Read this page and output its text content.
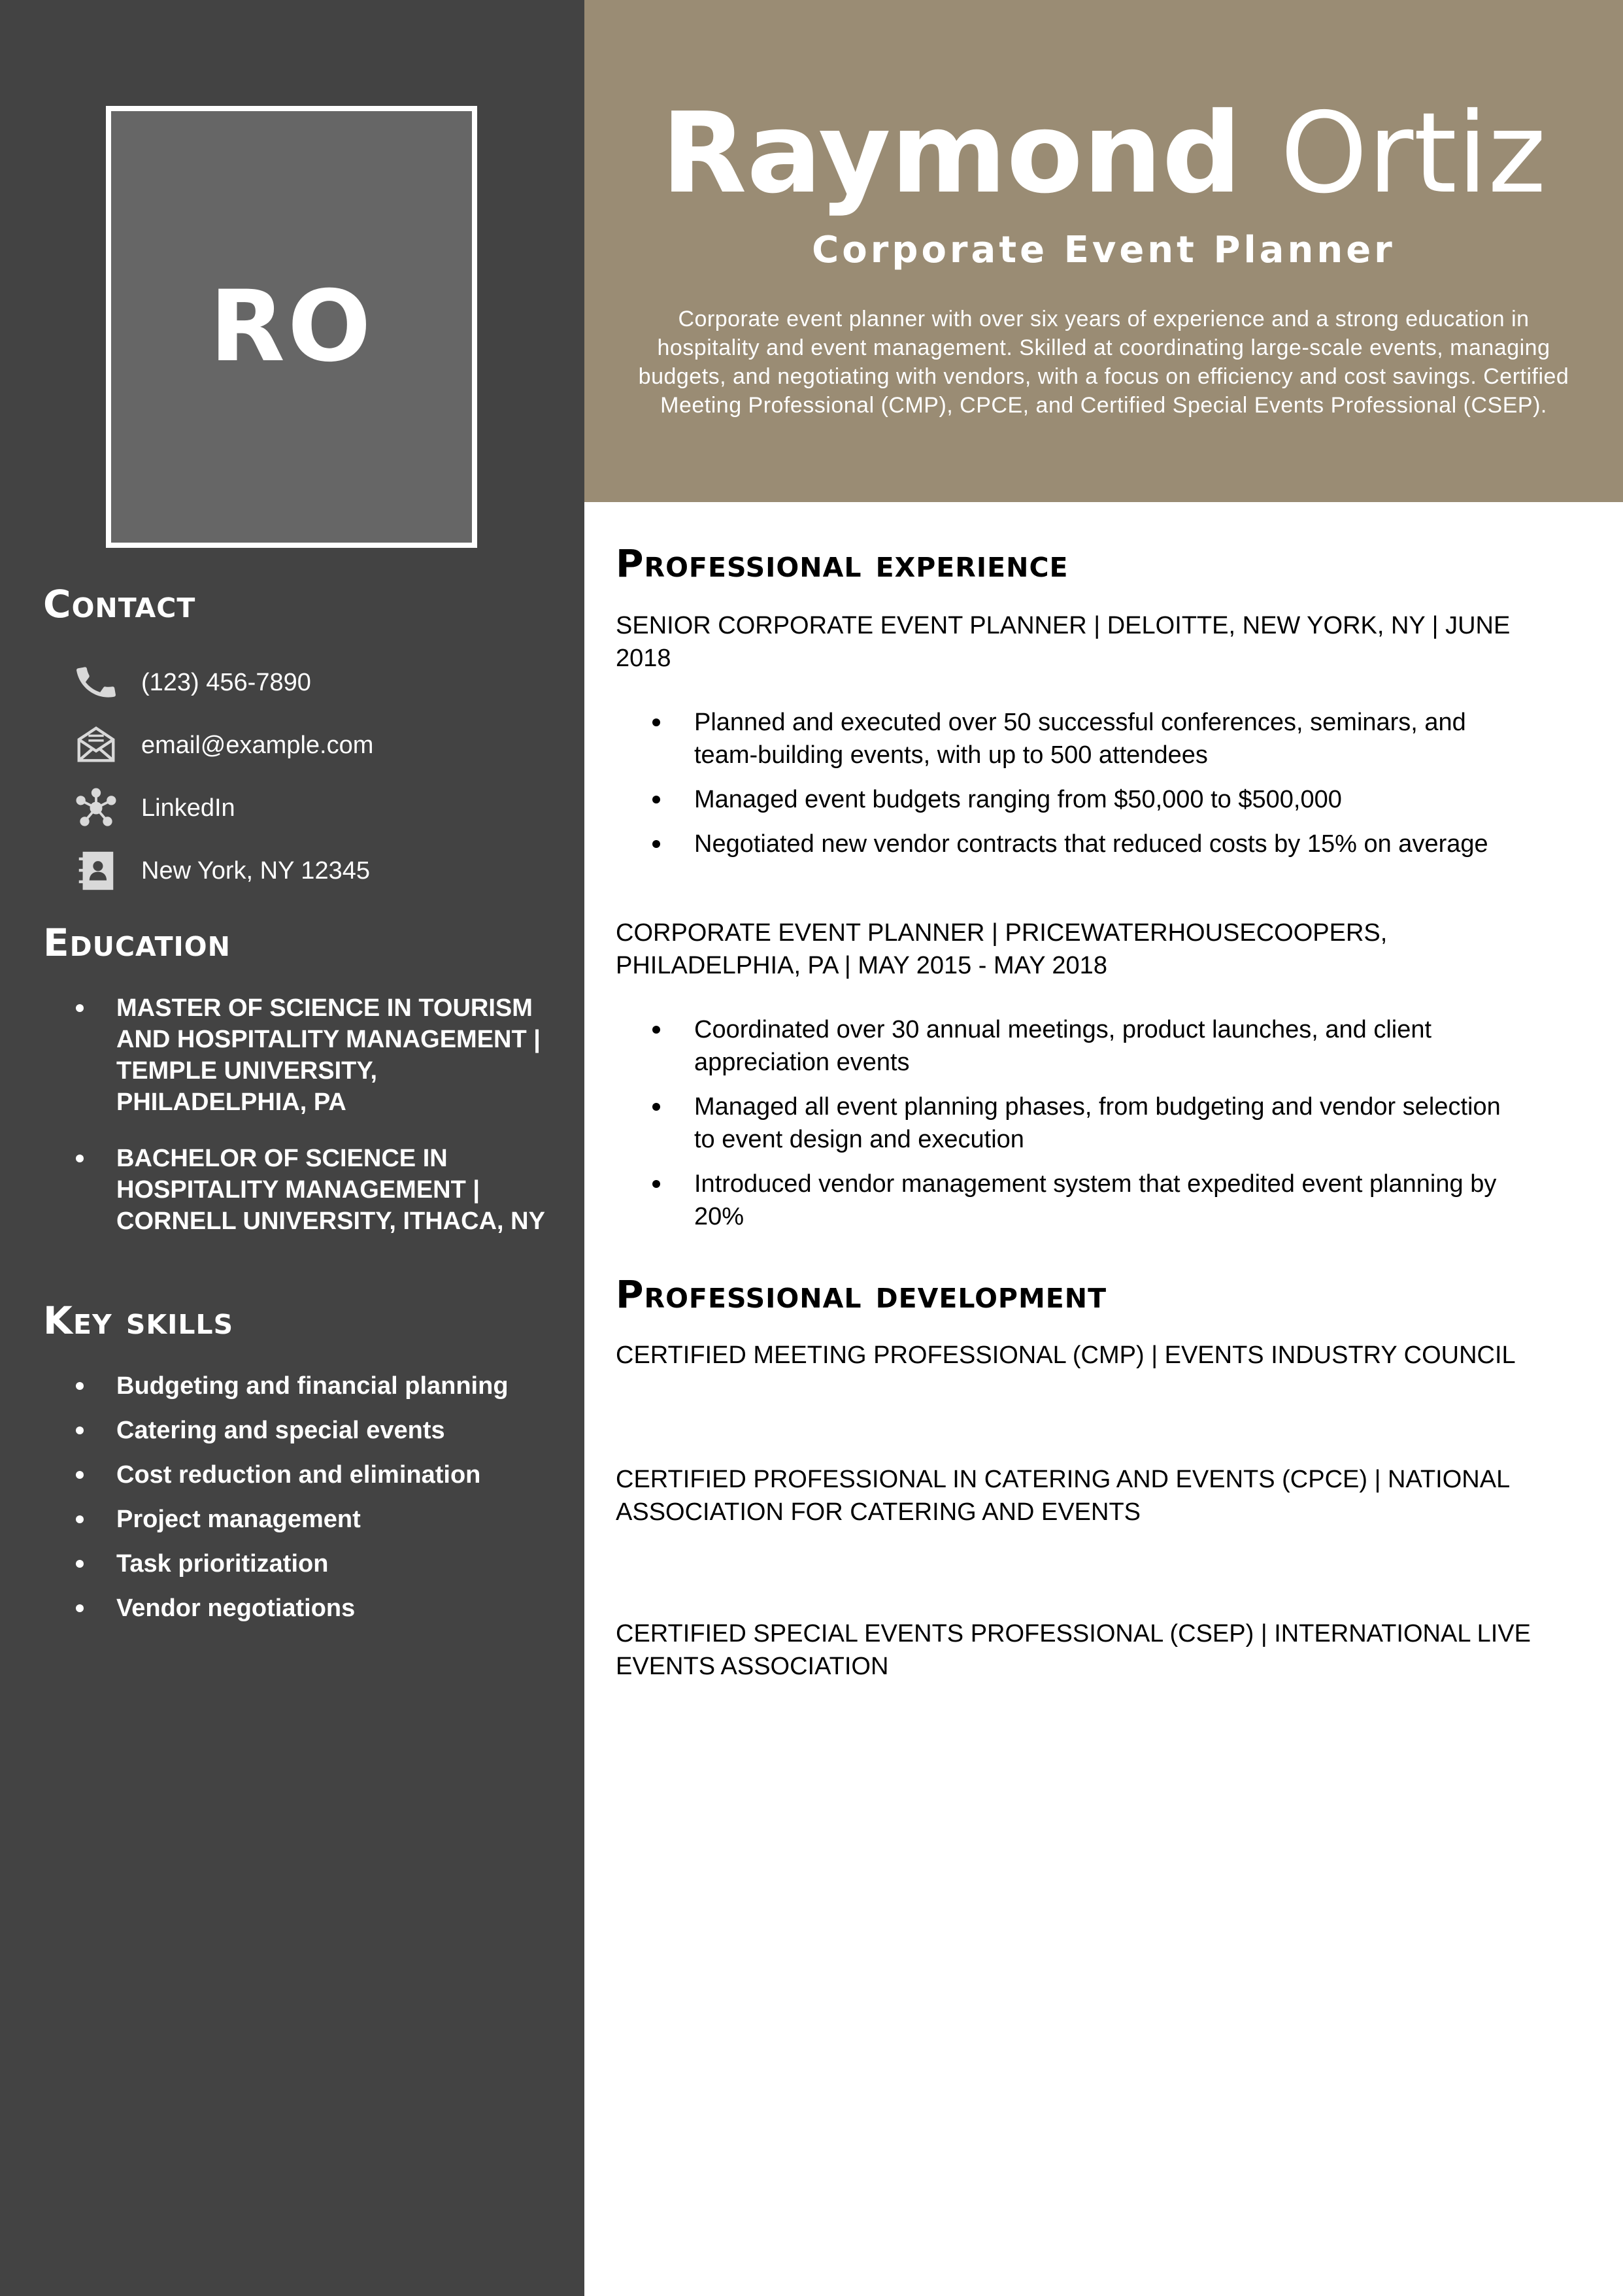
RO
Contact
(123) 456-7890
email@example.com
LinkedIn
New York, NY 12345
Education
MASTER OF SCIENCE IN TOURISM AND HOSPITALITY MANAGEMENT | TEMPLE UNIVERSITY, PHILADELPHIA, PA
BACHELOR OF SCIENCE IN HOSPITALITY MANAGEMENT | CORNELL UNIVERSITY, ITHACA, NY
Key skills
Budgeting and financial planning
Catering and special events
Cost reduction and elimination
Project management
Task prioritization
Vendor negotiations
Raymond Ortiz

Corporate Event Planner

Corporate event planner with over six years of experience and a strong education in hospitality and event management. Skilled at coordinating large-scale events, managing budgets, and negotiating with vendors, with a focus on efficiency and cost savings. Certified Meeting Professional (CMP), CPCE, and Certified Special Events Professional (CSEP).

Professional experience

SENIOR CORPORATE EVENT PLANNER | DELOITTE, NEW YORK, NY | JUNE 2018

Planned and executed over 50 successful conferences, seminars, and team-building events, with up to 500 attendees
Managed event budgets ranging from $50,000 to $500,000
Negotiated new vendor contracts that reduced costs by 15% on average

CORPORATE EVENT PLANNER | PRICEWATERHOUSECOOPERS, PHILADELPHIA, PA | MAY 2015 - MAY 2018

Coordinated over 30 annual meetings, product launches, and client appreciation events
Managed all event planning phases, from budgeting and vendor selection to event design and execution
Introduced vendor management system that expedited event planning by 20%
Professional development

CERTIFIED MEETING PROFESSIONAL (CMP) | EVENTS INDUSTRY COUNCIL

CERTIFIED PROFESSIONAL IN CATERING AND EVENTS (CPCE) | NATIONAL ASSOCIATION FOR CATERING AND EVENTS

CERTIFIED SPECIAL EVENTS PROFESSIONAL (CSEP) | INTERNATIONAL LIVE EVENTS ASSOCIATION
